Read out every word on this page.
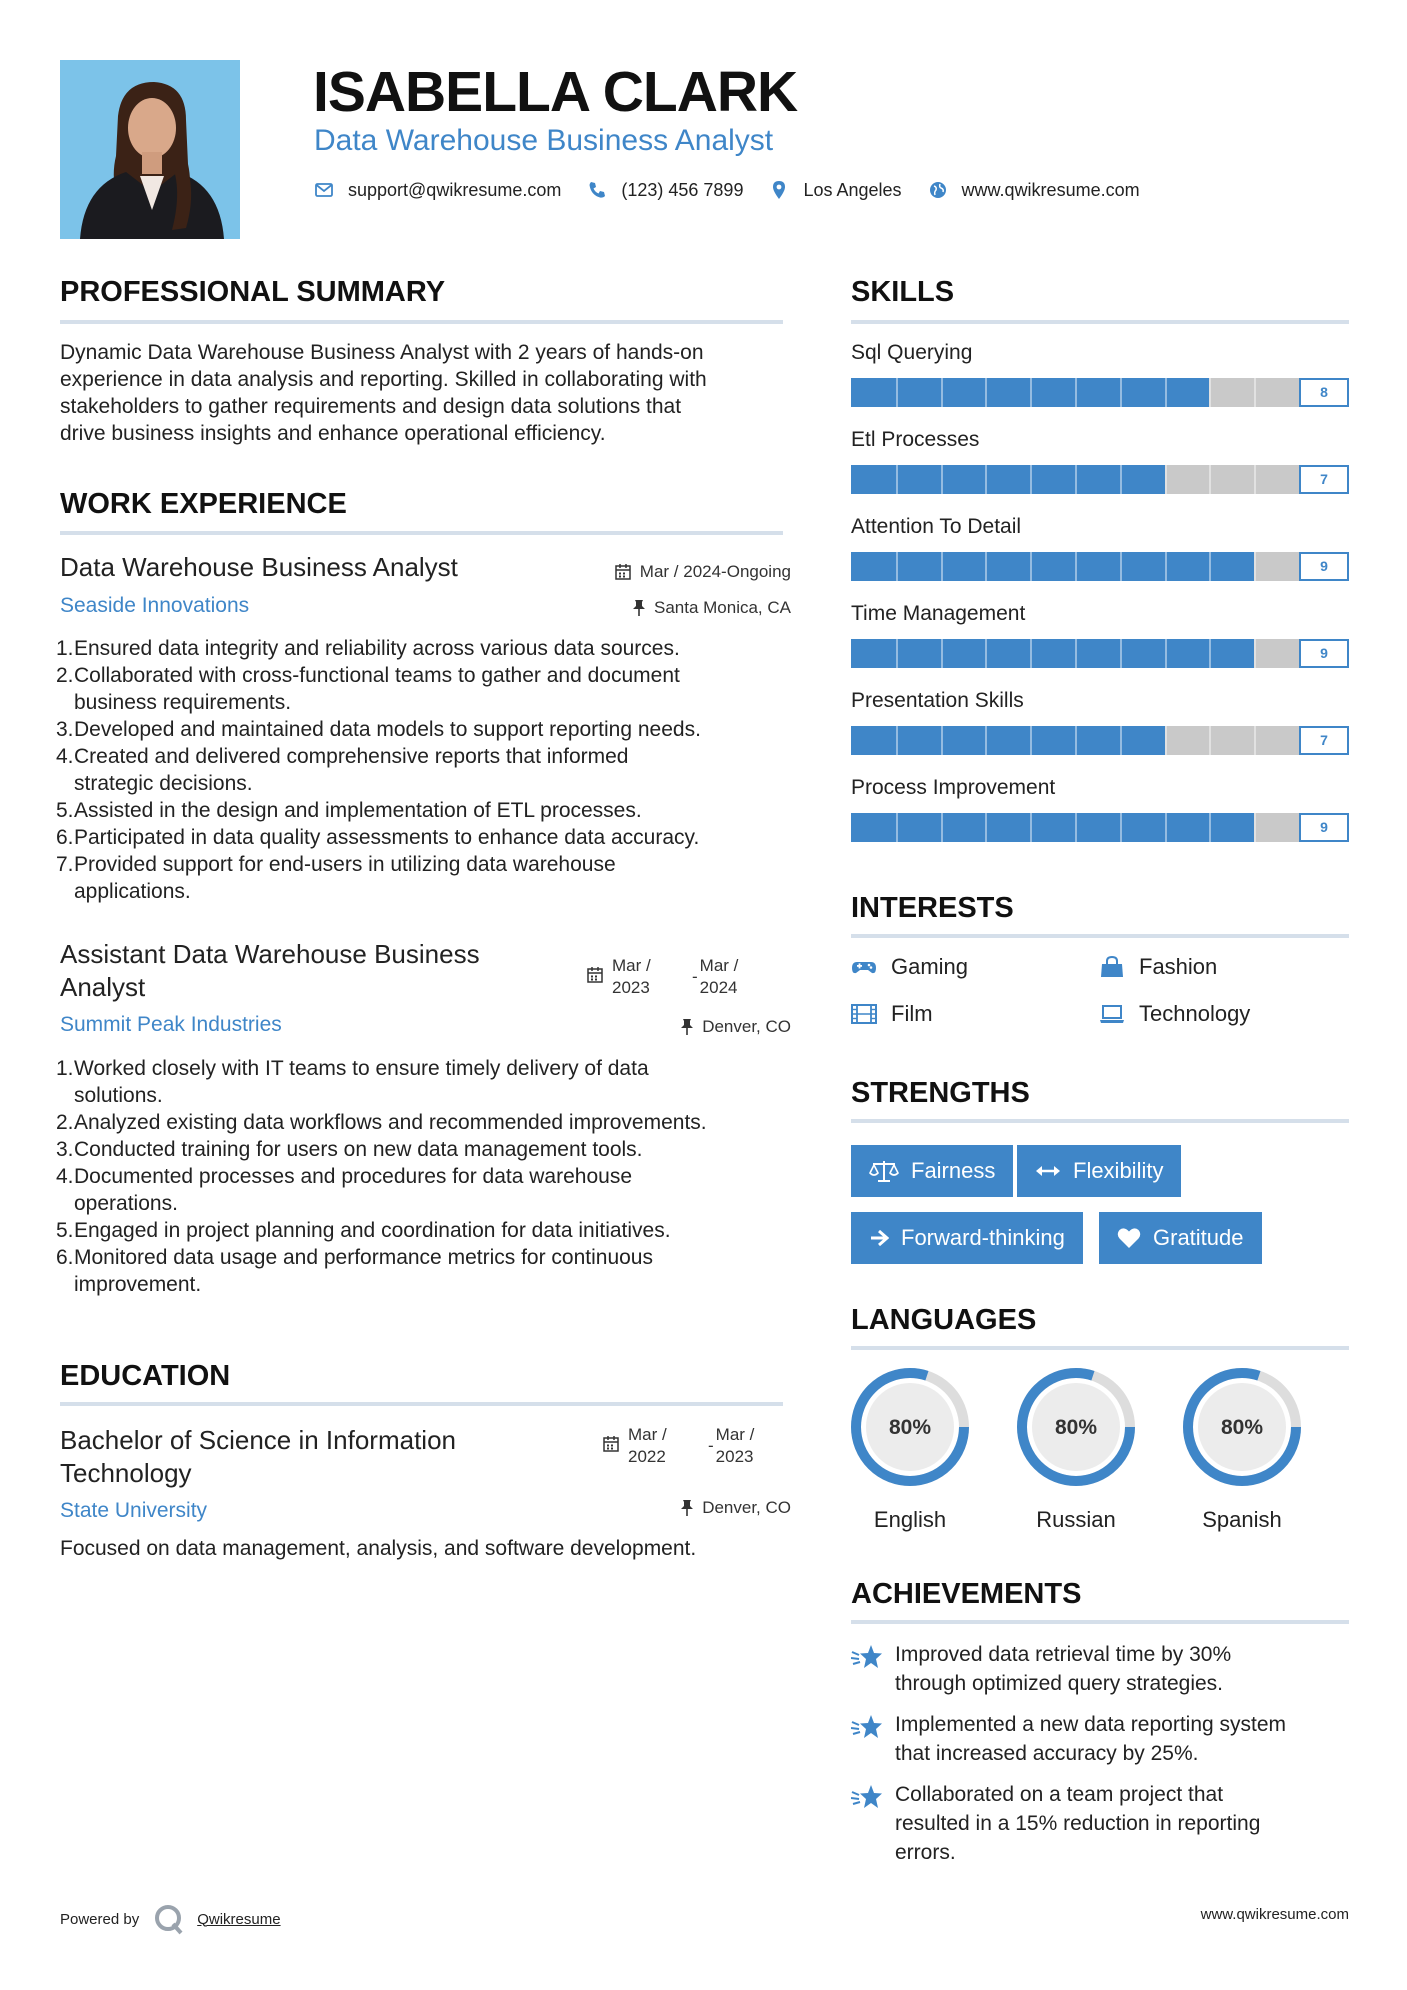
ISABELLA CLARK
Data Warehouse Business Analyst
support@qwikresume.com	(123) 456 7899	Los Angeles	www.qwikresume.com
PROFESSIONAL SUMMARY
Dynamic Data Warehouse Business Analyst with 2 years of hands-on
experience in data analysis and reporting. Skilled in collaborating with
stakeholders to gather requirements and design data solutions that
drive business insights and enhance operational efficiency.
WORK EXPERIENCE
Data Warehouse Business Analyst
Seaside Innovations
Mar / 2024-Ongoing
Santa Monica, CA
1. Ensured data integrity and reliability across various data sources.
2. Collaborated with cross-functional teams to gather and document
business requirements.
3. Developed and maintained data models to support reporting needs.
4. Created and delivered comprehensive reports that informed
strategic decisions.
5. Assisted in the design and implementation of ETL processes.
6. Participated in data quality assessments to enhance data accuracy.
7. Provided support for end-users in utilizing data warehouse
applications.
Assistant Data Warehouse Business
Analyst
Summit Peak Industries
Mar /
2023
-
Mar /
2024
Denver, CO
1. Worked closely with IT teams to ensure timely delivery of data
solutions.
2. Analyzed existing data workflows and recommended improvements.
3. Conducted training for users on new data management tools.
4. Documented processes and procedures for data warehouse
operations.
5. Engaged in project planning and coordination for data initiatives.
6. Monitored data usage and performance metrics for continuous
improvement.
EDUCATION
Bachelor of Science in Information
Technology
State University
Mar /
2022
-
Mar /
2023
Denver, CO
Focused on data management, analysis, and software development.
SKILLS
Sql Querying
8
Etl Processes
7
Attention To Detail
9
Time Management
9
Presentation Skills
7
Process Improvement
9
INTERESTS
Gaming	Fashion
Film	Technology
STRENGTHS
Fairness	Flexibility
Forward-thinking	Gratitude
LANGUAGES
80%
English
80%
Russian
80%
Spanish
ACHIEVEMENTS
Improved data retrieval time by 30%
through optimized query strategies.
Implemented a new data reporting system
that increased accuracy by 25%.
Collaborated on a team project that
resulted in a 15% reduction in reporting
errors.
Powered by	Qwikresume	www.qwikresume.com
